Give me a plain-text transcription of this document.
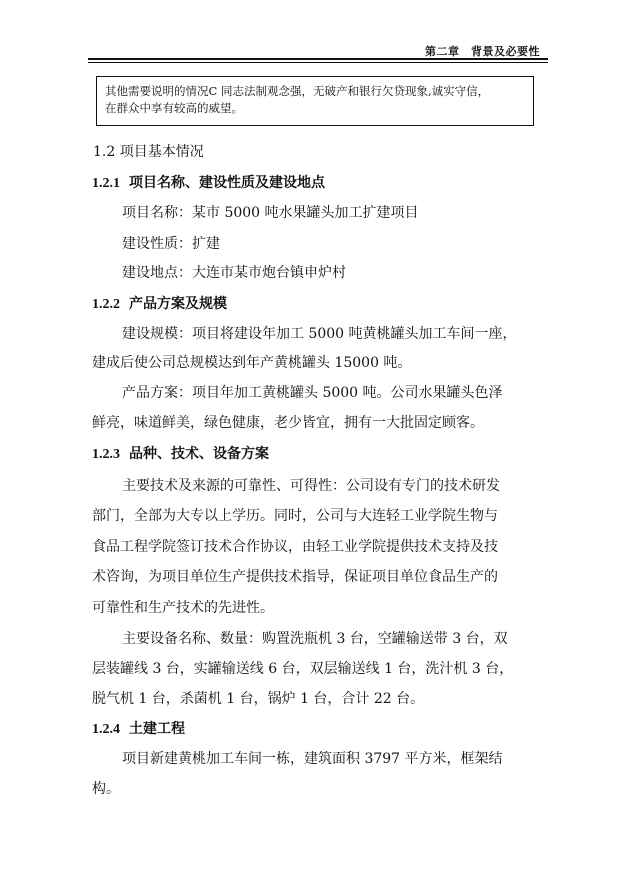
第二章　背景及必要性
其他需要说明的情况C 同志法制观念强，无破产和银行欠贷现象,诚实守信，
在群众中享有较高的威望。
1.2 项目基本情况
1.2.1 项目名称、建设性质及建设地点
项目名称：某市 5000 吨水果罐头加工扩建项目
建设性质：扩建
建设地点：大连市某市炮台镇申炉村
1.2.2 产品方案及规模
建设规模：项目将建设年加工 5000 吨黄桃罐头加工车间一座，
建成后使公司总规模达到年产黄桃罐头 15000 吨。
产品方案：项目年加工黄桃罐头 5000 吨。公司水果罐头色泽
鲜亮，味道鲜美，绿色健康，老少皆宜，拥有一大批固定顾客。
1.2.3 品种、技术、设备方案
主要技术及来源的可靠性、可得性：公司设有专门的技术研发
部门，全部为大专以上学历。同时，公司与大连轻工业学院生物与
食品工程学院签订技术合作协议，由轻工业学院提供技术支持及技
术咨询，为项目单位生产提供技术指导，保证项目单位食品生产的
可靠性和生产技术的先进性。
主要设备名称、数量：购置洗瓶机 3 台，空罐输送带 3 台，双
层装罐线 3 台，实罐输送线 6 台，双层输送线 1 台，洗汁机 3 台，
脱气机 1 台，杀菌机 1 台，锅炉 1 台，合计 22 台。
1.2.4 土建工程
项目新建黄桃加工车间一栋，建筑面积 3797 平方米，框架结
构。
